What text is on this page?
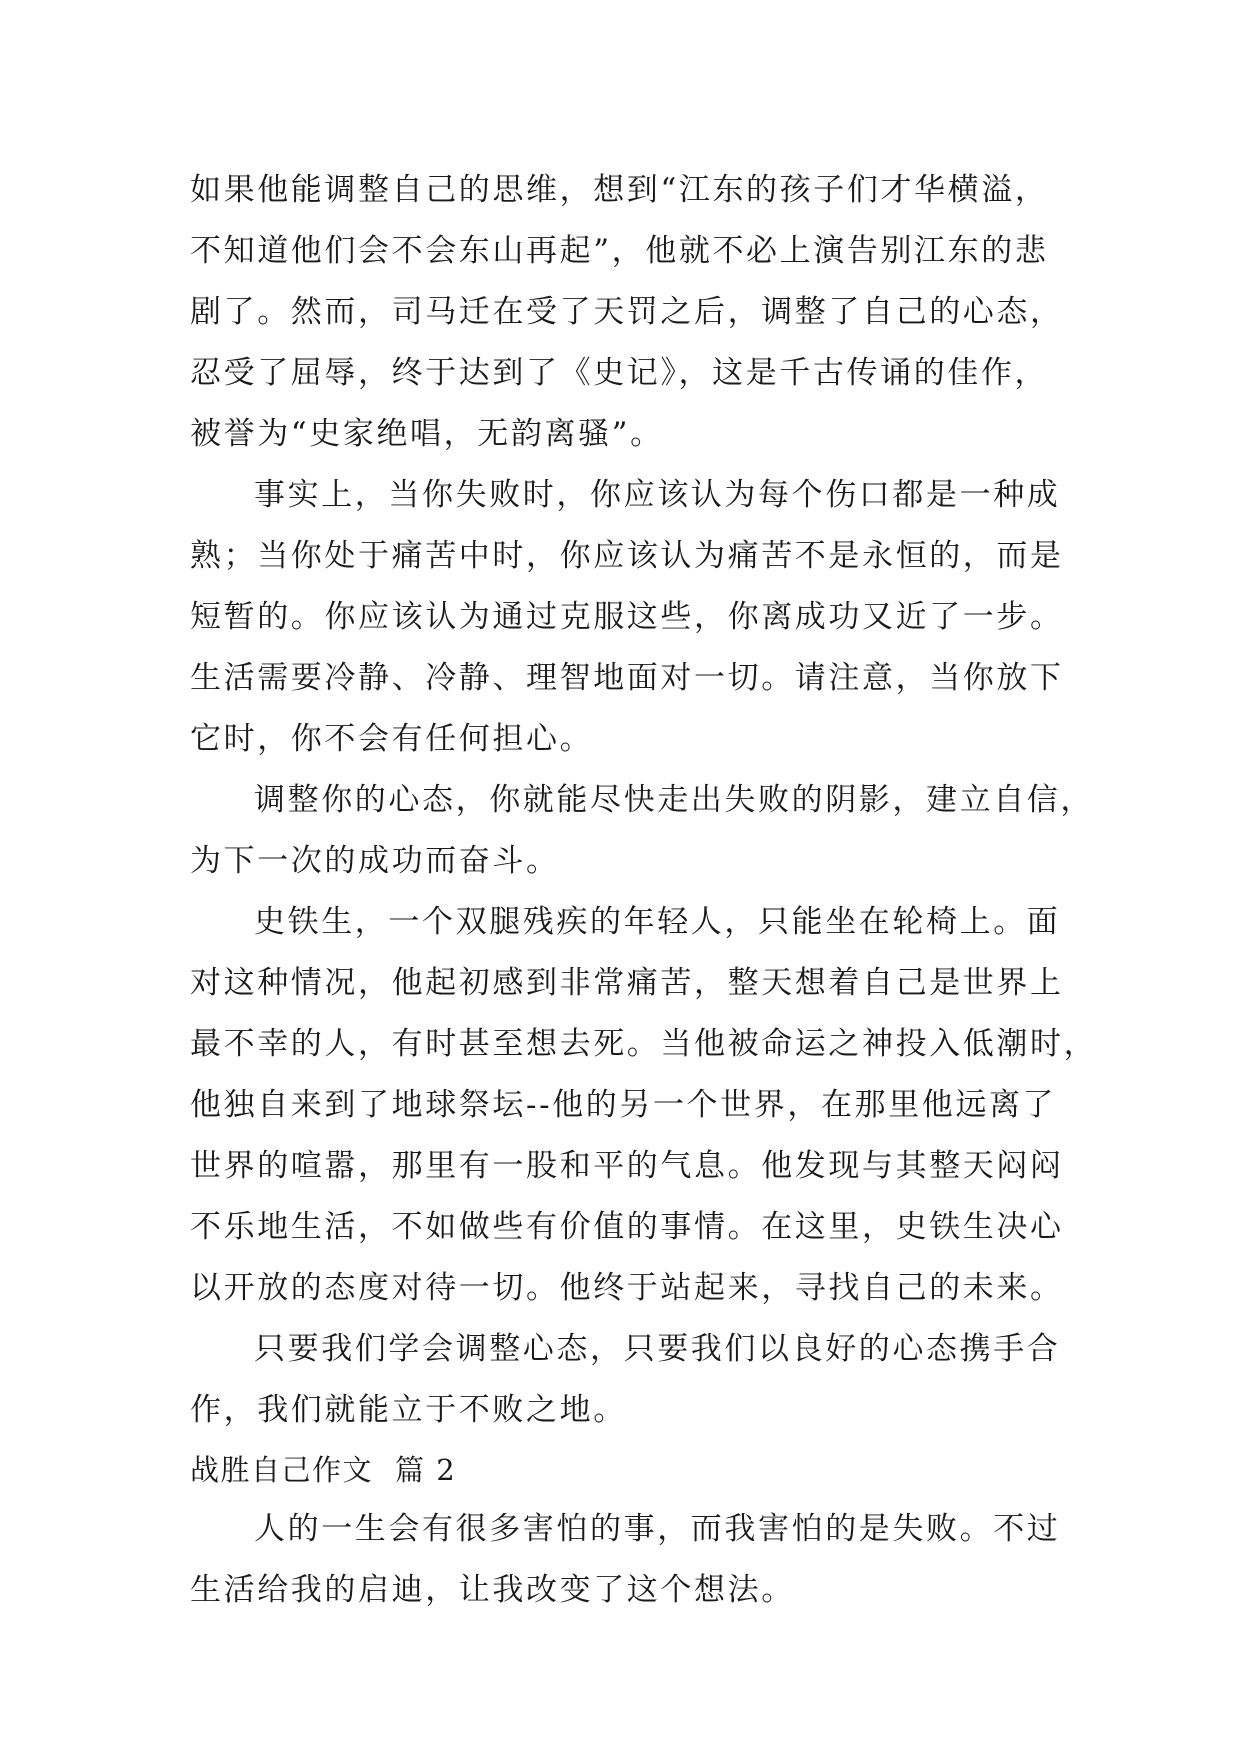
如果他能调整自己的思维，想到“江东的孩子们才华横溢，
不知道他们会不会东山再起”，他就不必上演告别江东的悲
剧了。然而，司马迁在受了天罚之后，调整了自己的心态，
忍受了屈辱，终于达到了《史记》，这是千古传诵的佳作，
被誉为“史家绝唱，无韵离骚”。
事实上，当你失败时，你应该认为每个伤口都是一种成
熟；当你处于痛苦中时，你应该认为痛苦不是永恒的，而是
短暂的。你应该认为通过克服这些，你离成功又近了一步。
生活需要冷静、冷静、理智地面对一切。请注意，当你放下
它时，你不会有任何担心。
调整你的心态，你就能尽快走出失败的阴影，建立自信，
为下一次的成功而奋斗。
史铁生，一个双腿残疾的年轻人，只能坐在轮椅上。面
对这种情况，他起初感到非常痛苦，整天想着自己是世界上
最不幸的人，有时甚至想去死。当他被命运之神投入低潮时，
他独自来到了地球祭坛--他的另一个世界，在那里他远离了
世界的喧嚣，那里有一股和平的气息。他发现与其整天闷闷
不乐地生活，不如做些有价值的事情。在这里，史铁生决心
以开放的态度对待一切。他终于站起来，寻找自己的未来。
只要我们学会调整心态，只要我们以良好的心态携手合
作，我们就能立于不败之地。
战胜自己作文 篇 2
人的一生会有很多害怕的事，而我害怕的是失败。不过
生活给我的启迪，让我改变了这个想法。
